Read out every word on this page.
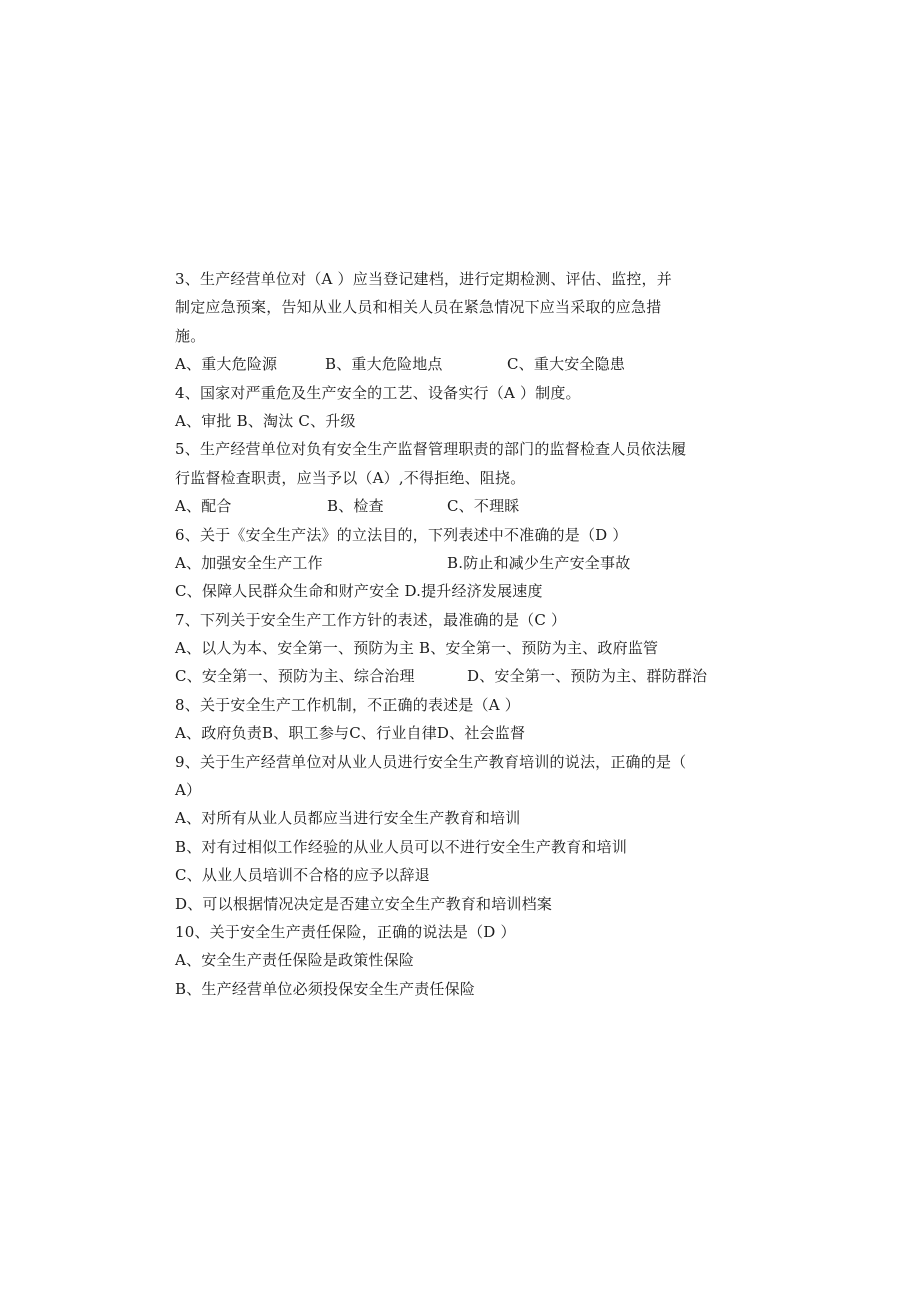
3、生产经营单位对（A ）应当登记建档，进行定期检测、评估、监控，并
制定应急预案，告知从业人员和相关人员在紧急情况下应当采取的应急措
施。
A、重大危险源	B、重大危险地点	C、重大安全隐患
4、国家对严重危及生产安全的工艺、设备实行（A ）制度。
A、审批 B、淘汰 C、升级
5、生产经营单位对负有安全生产监督管理职责的部门的监督检查人员依法履
行监督检查职责，应当予以（A）,不得拒绝、阻挠。
A、配合	B、检查	C、不理睬
6、关于《安全生产法》的立法目的，下列表述中不准确的是（D ）
A、加强安全生产工作	B.防止和减少生产安全事故
C、保障人民群众生命和财产安全 D.提升经济发展速度
7、下列关于安全生产工作方针的表述，最准确的是（C ）
A、以人为本、安全第一、预防为主 B、安全第一、预防为主、政府监管
C、安全第一、预防为主、综合治理	D、安全第一、预防为主、群防群治
8、关于安全生产工作机制，不正确的表述是（A ）
A、政府负责B、职工参与C、行业自律D、社会监督
9、关于生产经营单位对从业人员进行安全生产教育培训的说法，正确的是（
A）
A、对所有从业人员都应当进行安全生产教育和培训
B、对有过相似工作经验的从业人员可以不进行安全生产教育和培训
C、从业人员培训不合格的应予以辞退
D、可以根据情况决定是否建立安全生产教育和培训档案
10、关于安全生产责任保险，正确的说法是（D ）
A、安全生产责任保险是政策性保险
B、生产经营单位必须投保安全生产责任保险
